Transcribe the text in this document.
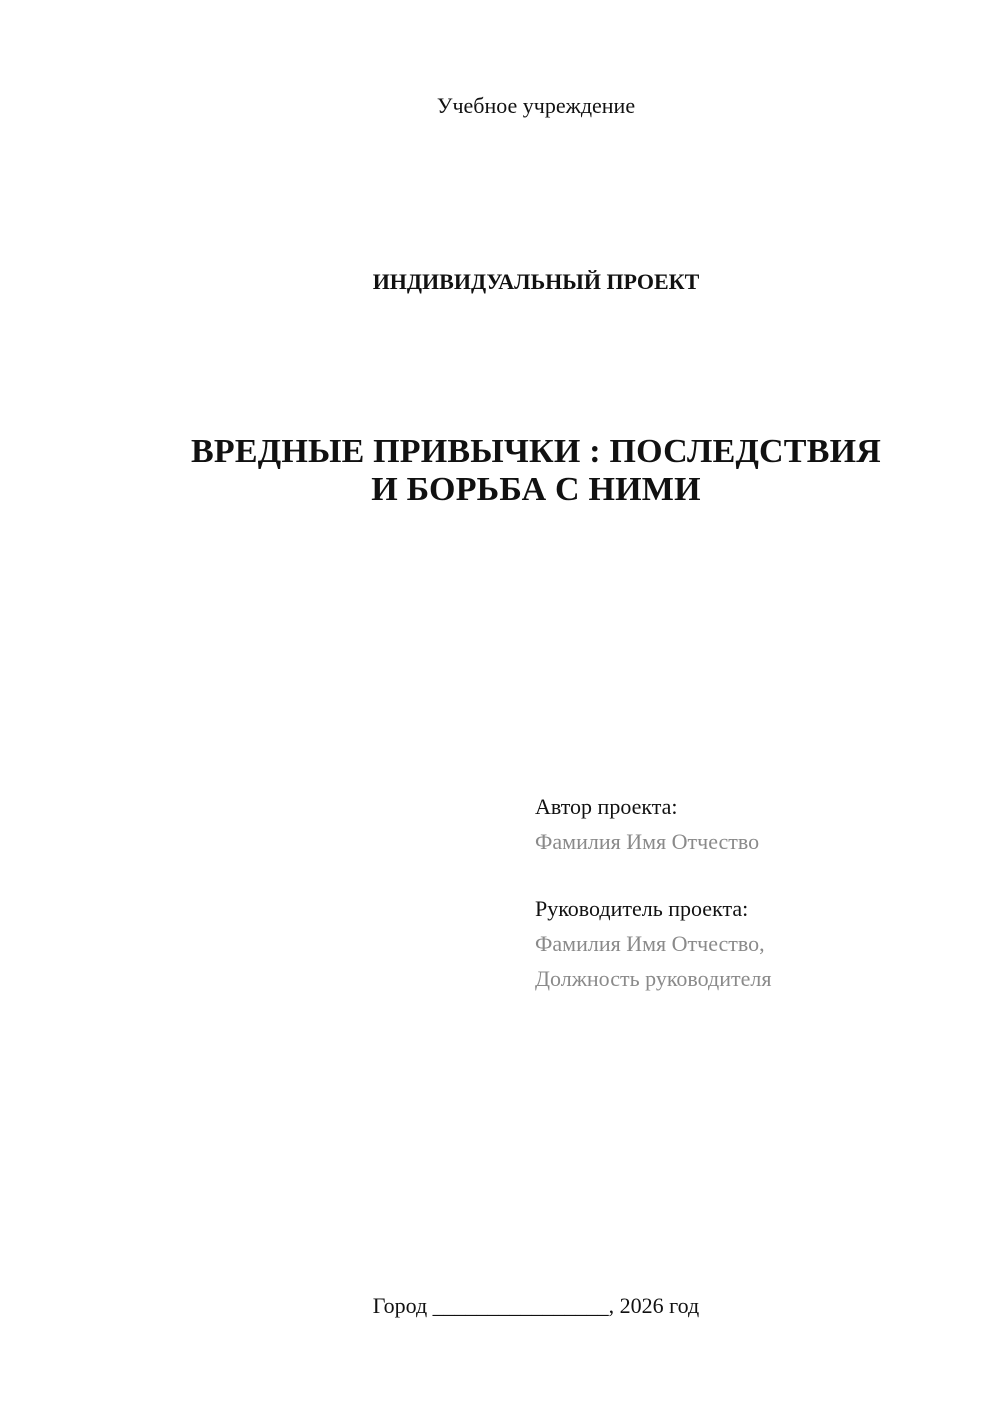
Учебное учреждение
ИНДИВИДУАЛЬНЫЙ ПРОЕКТ
ВРЕДНЫЕ ПРИВЫЧКИ : ПОСЛЕДСТВИЯ
И БОРЬБА С НИМИ
Автор проекта:
Фамилия Имя Отчество
Руководитель проекта:
Фамилия Имя Отчество,
Должность руководителя
Город ________________, 2026 год
